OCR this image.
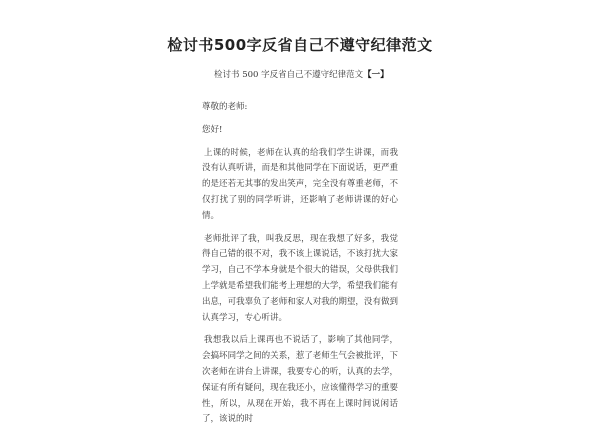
检讨书500字反省自己不遵守纪律范文
检讨书 500 字反省自己不遵守纪律范文【一】

尊敬的老师:

您好!

上课的时候，老师在认真的给我们学生讲课，而我没有认真听讲，而是和其他同学在下面说话，更严重的是还若无其事的发出笑声，完全没有尊重老师，不仅打扰了别的同学听讲，还影响了老师讲课的好心情。

老师批评了我，叫我反思，现在我想了好多，我觉得自己错的很不对，我不该上课说话，不该打扰大家学习，自己不学本身就是个很大的错误，父母供我们上学就是希望我们能考上理想的大学，希望我们能有出息，可我辜负了老师和家人对我的期望，没有做到认真学习，专心听讲。

我想我以后上课再也不说话了，影响了其他同学，会搞坏同学之间的关系，惹了老师生气会被批评，下次老师在讲台上讲课，我要专心的听，认真的去学，保证有所有疑问，现在我还小，应该懂得学习的重要性，所以，从现在开始，我不再在上课时间说闲话了，该说的时
